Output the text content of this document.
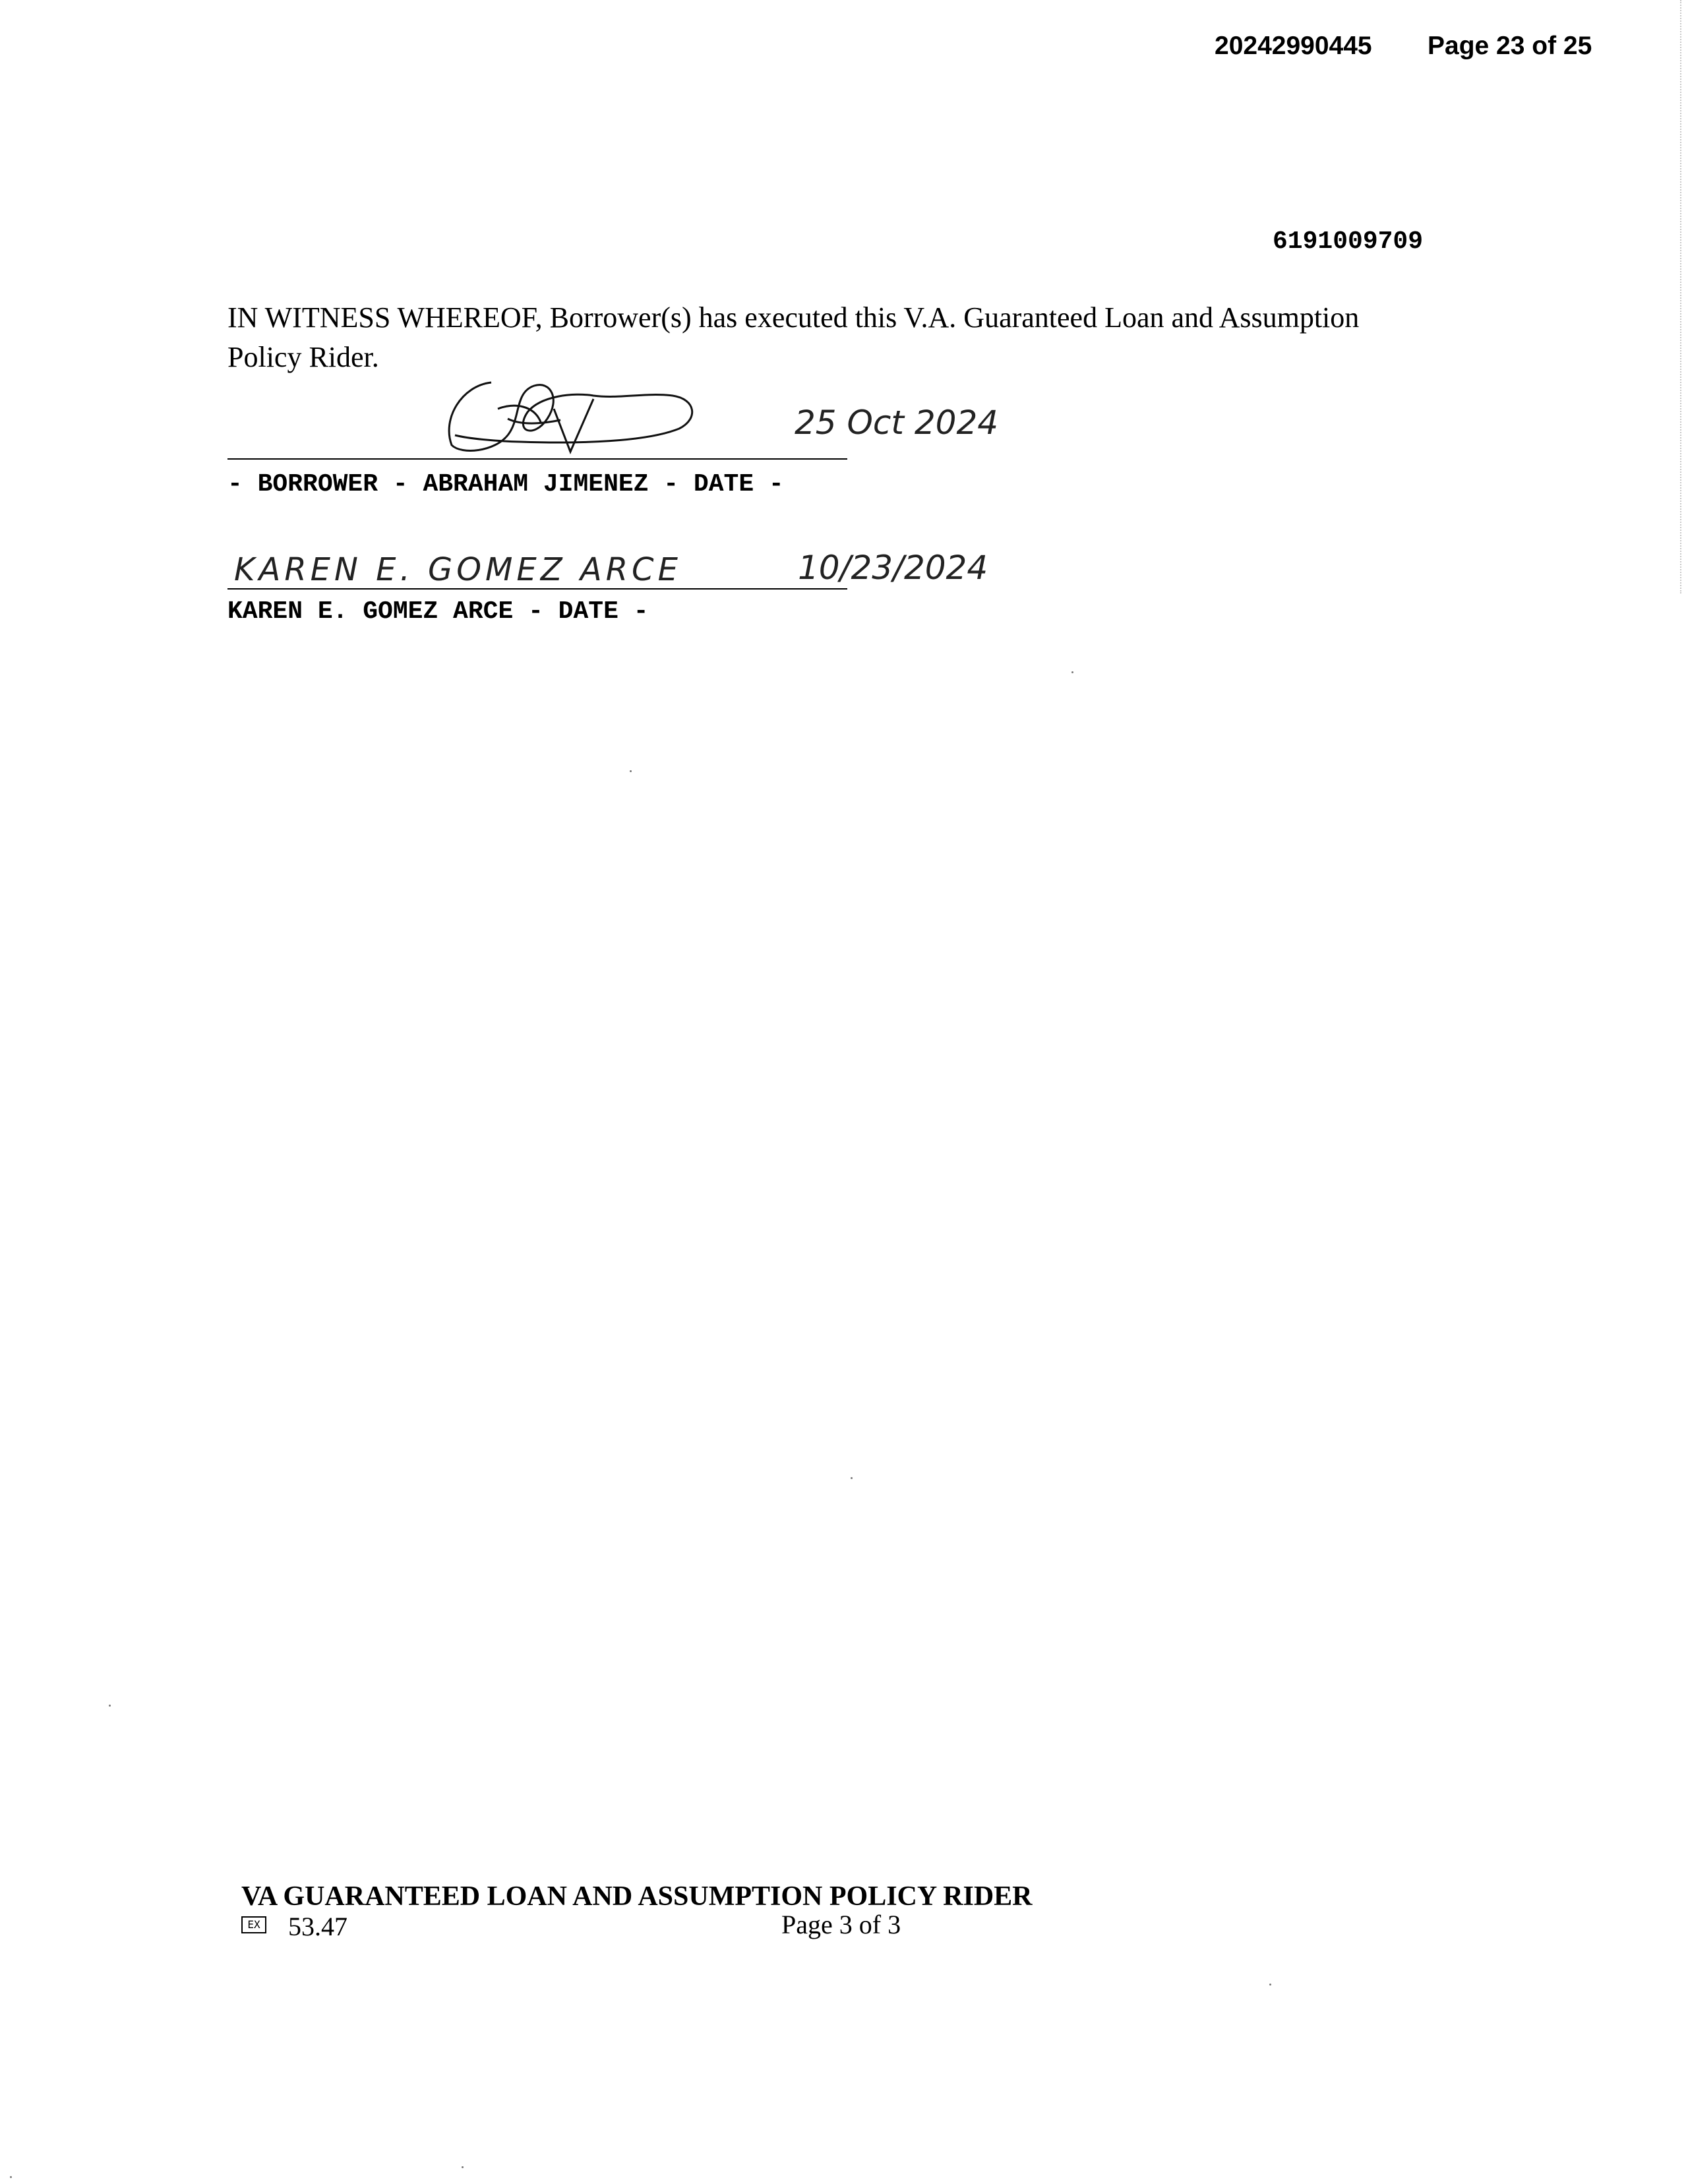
20242990445 Page 23 of 25
6191009709
IN WITNESS WHEREOF, Borrower(s) has executed this V.A. Guaranteed Loan and Assumption
Policy Rider.
25 Oct 2024
- BORROWER - ABRAHAM JIMENEZ - DATE -
KAREN E. GOMEZ ARCE	10/23/2024
KAREN E. GOMEZ ARCE - DATE -
VA GUARANTEED LOAN AND ASSUMPTION POLICY RIDER
EX 53.47	Page 3 of 3
